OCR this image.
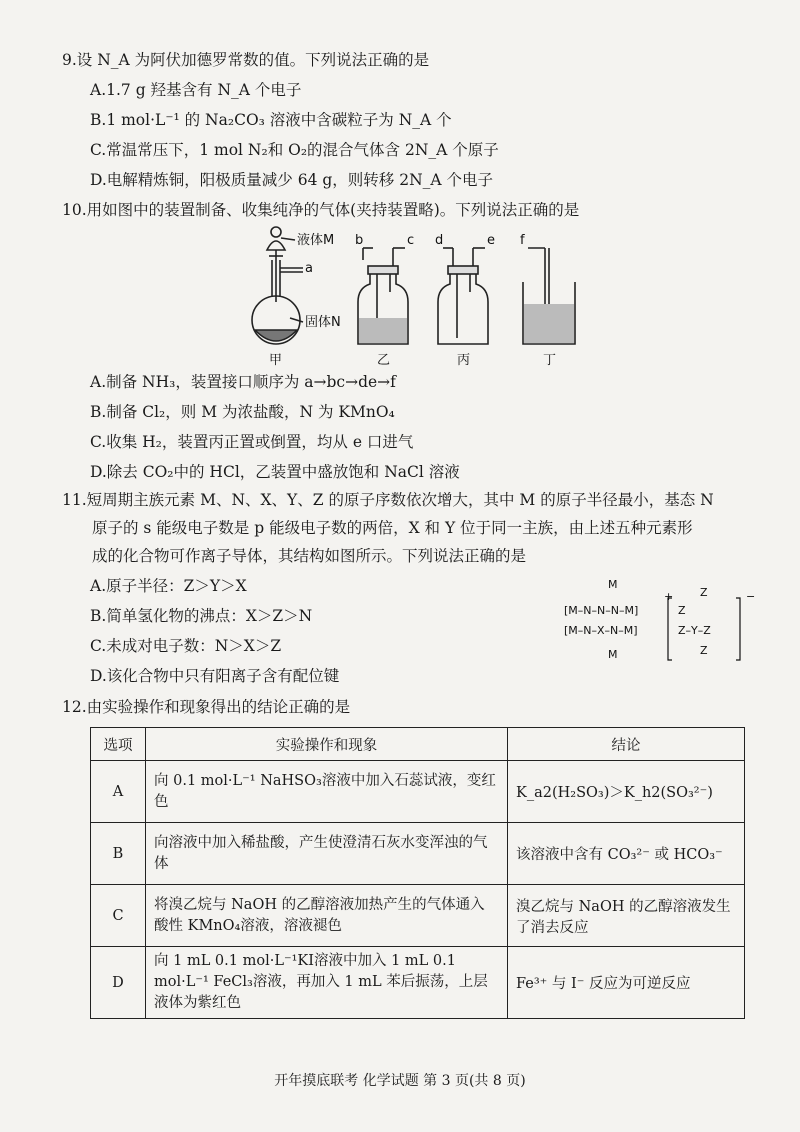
9.设 N_A 为阿伏加德罗常数的值。下列说法正确的是
A.1.7 g 羟基含有 N_A 个电子
B.1 mol·L⁻¹ 的 Na₂CO₃ 溶液中含碳粒子为 N_A 个
C.常温常压下，1 mol N₂和 O₂的混合气体含 2N_A 个原子
D.电解精炼铜，阳极质量减少 64 g，则转移 2N_A 个电子
10.用如图中的装置制备、收集纯净的气体(夹持装置略)。下列说法正确的是
液体M
a
固体N
b	c d	e f
甲	乙	丙	丁
A.制备 NH₃，装置接口顺序为 a→bc→de→f
B.制备 Cl₂，则 M 为浓盐酸，N 为 KMnO₄
C.收集 H₂，装置丙正置或倒置，均从 e 口进气
D.除去 CO₂中的 HCl，乙装置中盛放饱和 NaCl 溶液
11.短周期主族元素 M、N、X、Y、Z 的原子序数依次增大，其中 M 的原子半径最小，基态 N
原子的 s 能级电子数是 p 能级电子数的两倍，X 和 Y 位于同一主族，由上述五种元素形
成的化合物可作离子导体，其结构如图所示。下列说法正确的是
A.原子半径：Z＞Y＞X
B.简单氢化物的沸点：X＞Z＞N
C.未成对电子数：N＞X＞Z
D.该化合物中只有阳离子含有配位键
M
[M–N–N–N–M]
[M–N–X–N–M]
M
+ Z
Z
Z–Y–Z
Z
−
12.由实验操作和现象得出的结论正确的是
选项	实验操作和现象	结论
A	向 0.1 mol·L⁻¹ NaHSO₃溶液中加入石蕊试液，变红色	K_a2(H₂SO₃)＞K_h2(SO₃²⁻)
B	向溶液中加入稀盐酸，产生使澄清石灰水变浑浊的气体	该溶液中含有 CO₃²⁻ 或 HCO₃⁻
C	将溴乙烷与 NaOH 的乙醇溶液加热产生的气体通入酸性 KMnO₄溶液，溶液褪色	溴乙烷与 NaOH 的乙醇溶液发生了消去反应
D	向 1 mL 0.1 mol·L⁻¹KI溶液中加入 1 mL 0.1 mol·L⁻¹ FeCl₃溶液，再加入 1 mL 苯后振荡，上层液体为紫红色	Fe³⁺ 与 I⁻ 反应为可逆反应
开年摸底联考 化学试题 第 3 页(共 8 页)
